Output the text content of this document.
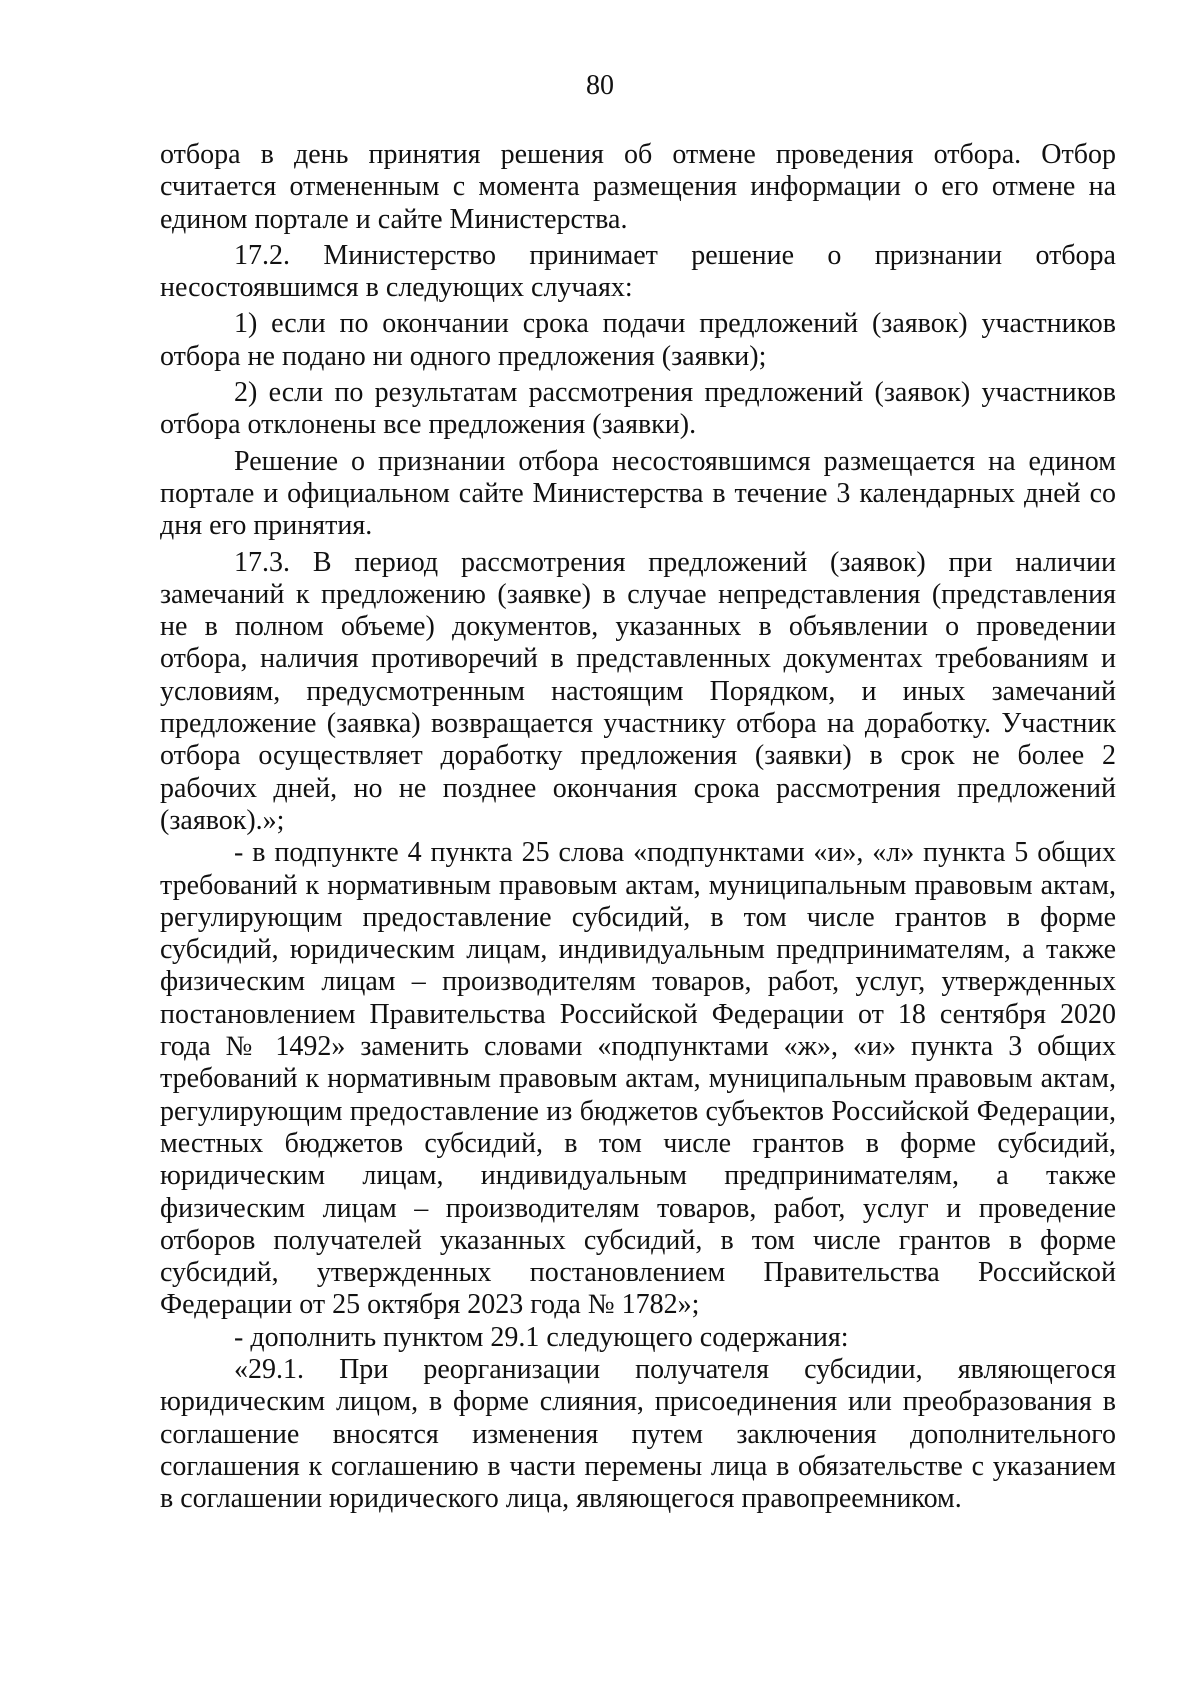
80

отбора в день принятия решения об отмене проведения отбора. Отбор считается отмененным с момента размещения информации о его отмене на едином портале и сайте Министерства.

17.2. Министерство принимает решение о признании отбора несостоявшимся в следующих случаях:

1) если по окончании срока подачи предложений (заявок) участников отбора не подано ни одного предложения (заявки);

2) если по результатам рассмотрения предложений (заявок) участников отбора отклонены все предложения (заявки).

Решение о признании отбора несостоявшимся размещается на едином портале и официальном сайте Министерства в течение 3 календарных дней со дня его принятия.

17.3. В период рассмотрения предложений (заявок) при наличии замечаний к предложению (заявке) в случае непредставления (представления не в полном объеме) документов, указанных в объявлении о проведении отбора, наличия противоречий в представленных документах требованиям и условиям, предусмотренным настоящим Порядком, и иных замечаний предложение (заявка) возвращается участнику отбора на доработку. Участник отбора осуществляет доработку предложения (заявки) в срок не более 2 рабочих дней, но не позднее окончания срока рассмотрения предложений (заявок).»;

- в подпункте 4 пункта 25 слова «подпунктами «и», «л» пункта 5 общих требований к нормативным правовым актам, муниципальным правовым актам, регулирующим предоставление субсидий, в том числе грантов в форме субсидий, юридическим лицам, индивидуальным предпринимателям, а также физическим лицам – производителям товаров, работ, услуг, утвержденных постановлением Правительства Российской Федерации от 18 сентября 2020 года № 1492» заменить словами «подпунктами «ж», «и» пункта 3 общих требований к нормативным правовым актам, муниципальным правовым актам, регулирующим предоставление из бюджетов субъектов Российской Федерации, местных бюджетов субсидий, в том числе грантов в форме субсидий, юридическим лицам, индивидуальным предпринимателям, а также физическим лицам – производителям товаров, работ, услуг и проведение отборов получателей указанных субсидий, в том числе грантов в форме субсидий, утвержденных постановлением Правительства Российской Федерации от 25 октября 2023 года № 1782»;

- дополнить пунктом 29.1 следующего содержания:

«29.1. При реорганизации получателя субсидии, являющегося юридическим лицом, в форме слияния, присоединения или преобразования в соглашение вносятся изменения путем заключения дополнительного соглашения к соглашению в части перемены лица в обязательстве с указанием в соглашении юридического лица, являющегося правопреемником.
